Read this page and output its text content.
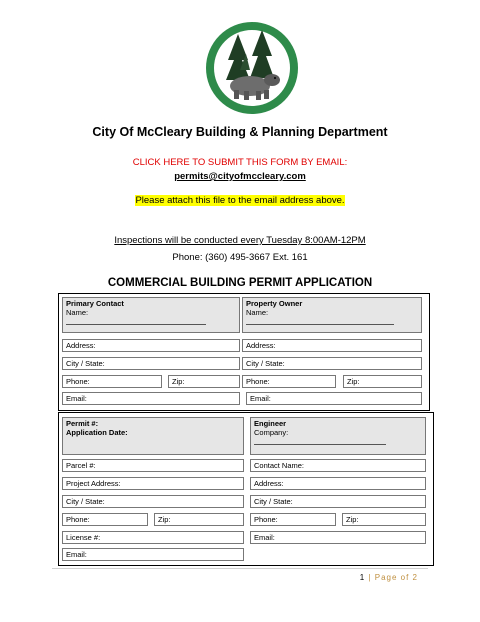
City Of McCleary Building & Planning Department
CLICK HERE TO SUBMIT THIS FORM BY EMAIL:
permits@cityofmccleary.com
Please attach this file to the email address above.
Inspections will be conducted every Tuesday 8:00AM-12PM
Phone: (360) 495-3667 Ext. 161
COMMERCIAL BUILDING PERMIT APPLICATION
Primary Contact
Name:
Property Owner
Name:
Address:	Address:
City / State:	City / State:
Phone:	Zip:	Phone:	Zip:
Email:	Email:
Permit #:
Application Date:
Engineer
Company:
Parcel #:	Contact Name:
Project Address:	Address:
City / State:	City / State:
Phone:	Zip:	Phone:	Zip:
License #:	Email:
Email:
1 | Page of 2
